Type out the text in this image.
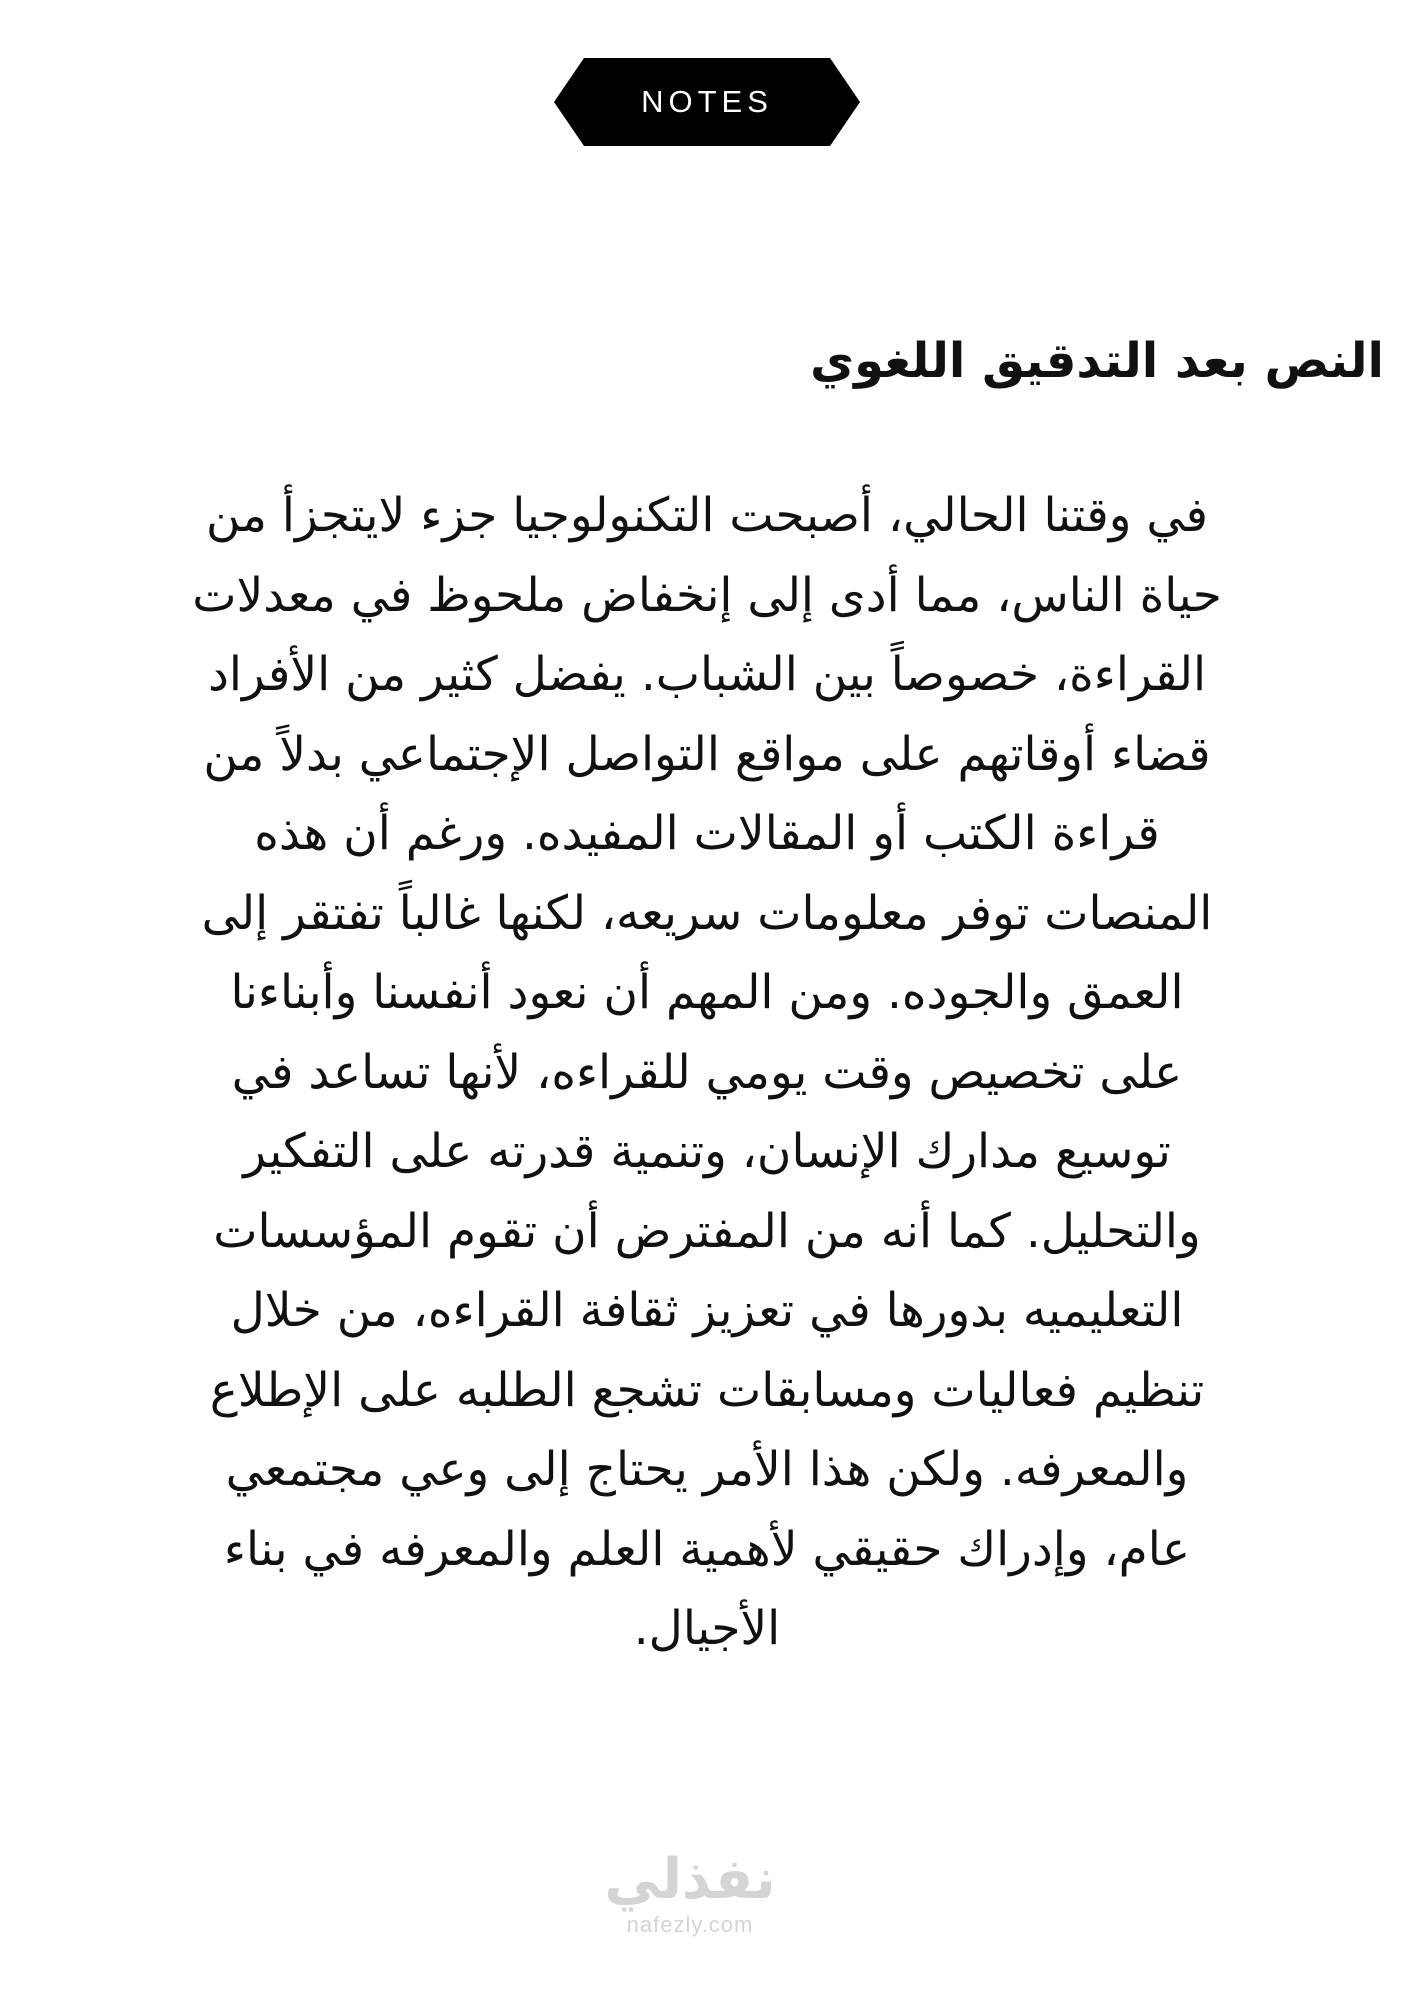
NOTES
النص بعد التدقيق اللغوي
في وقتنا الحالي، أصبحت التكنولوجيا جزء لايتجزأ من
حياة الناس، مما أدى إلى إنخفاض ملحوظ في معدلات
القراءة، خصوصاً بين الشباب. يفضل كثير من الأفراد
قضاء أوقاتهم على مواقع التواصل الإجتماعي بدلاً من
قراءة الكتب أو المقالات المفيده. ورغم أن هذه
المنصات توفر معلومات سريعه، لكنها غالباً تفتقر إلى
العمق والجوده. ومن المهم أن نعود أنفسنا وأبناءنا
على تخصيص وقت يومي للقراءه، لأنها تساعد في
توسيع مدارك الإنسان، وتنمية قدرته على التفكير
والتحليل. كما أنه من المفترض أن تقوم المؤسسات
التعليميه بدورها في تعزيز ثقافة القراءه، من خلال
تنظيم فعاليات ومسابقات تشجع الطلبه على الإطلاع
والمعرفه. ولكن هذا الأمر يحتاج إلى وعي مجتمعي
عام، وإدراك حقيقي لأهمية العلم والمعرفه في بناء
الأجيال.
نفذلي
nafezly.com
